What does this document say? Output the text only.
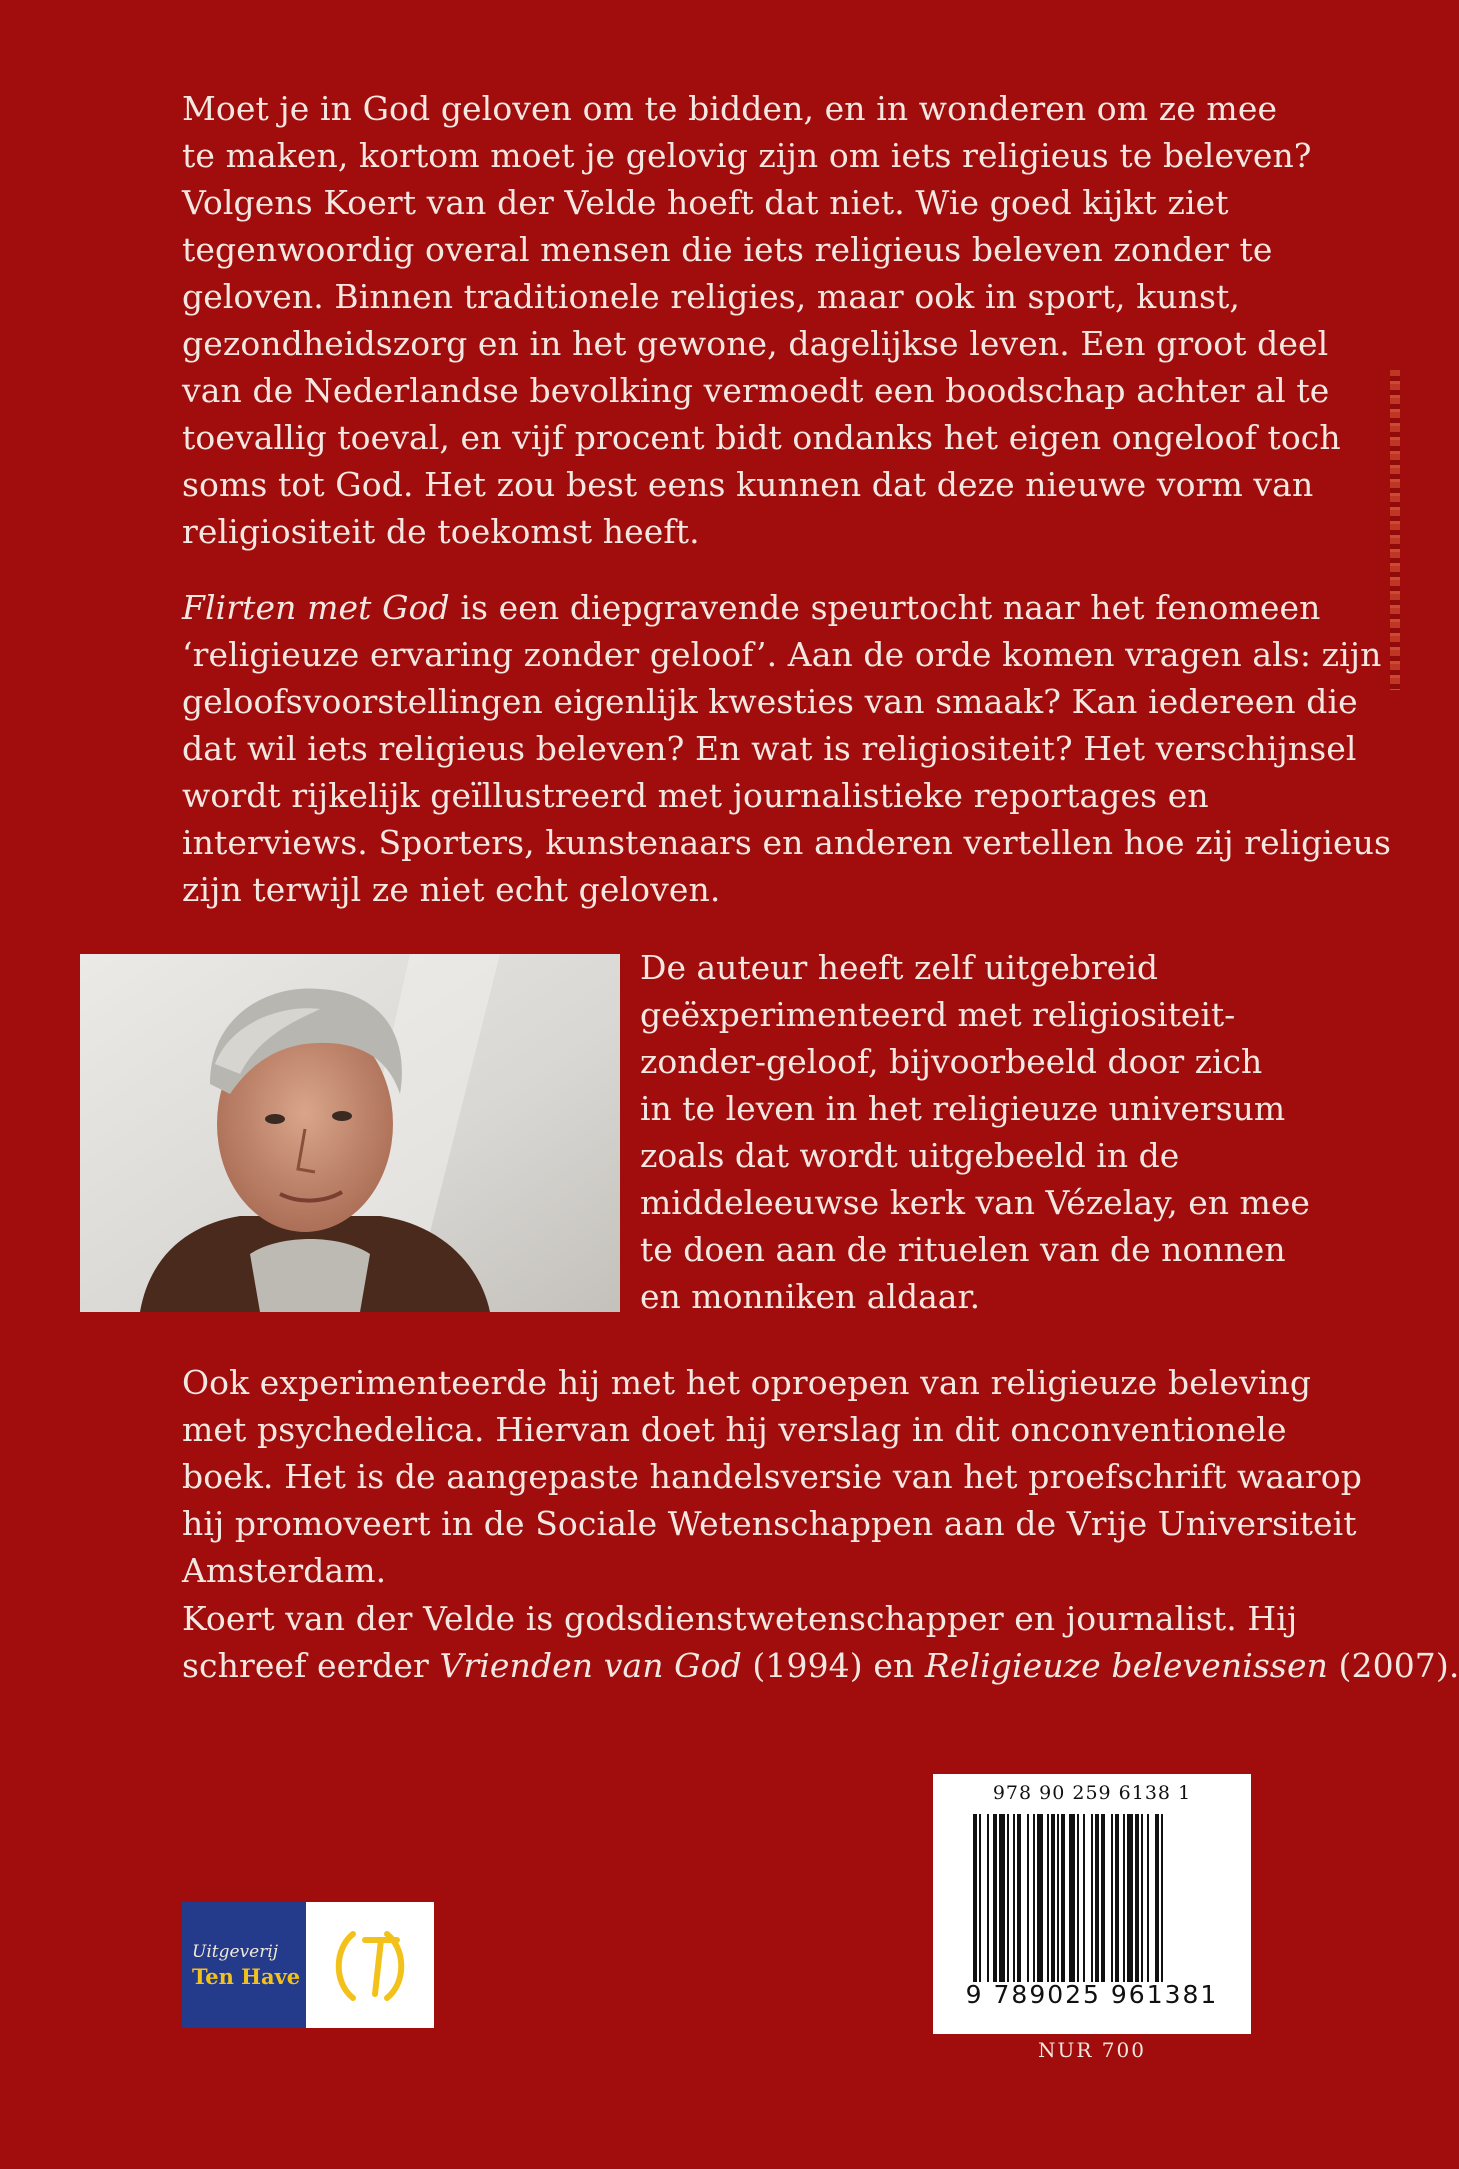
Moet je in God geloven om te bidden, en in wonderen om ze mee
te maken, kortom moet je gelovig zijn om iets religieus te beleven?
Volgens Koert van der Velde hoeft dat niet. Wie goed kijkt ziet
tegenwoordig overal mensen die iets religieus beleven zonder te
geloven. Binnen traditionele religies, maar ook in sport, kunst,
gezondheidszorg en in het gewone, dagelijkse leven. Een groot deel
van de Nederlandse bevolking vermoedt een boodschap achter al te
toevallig toeval, en vijf procent bidt ondanks het eigen ongeloof toch
soms tot God. Het zou best eens kunnen dat deze nieuwe vorm van
religiositeit de toekomst heeft.

Flirten met God is een diepgravende speurtocht naar het fenomeen
‘religieuze ervaring zonder geloof’. Aan de orde komen vragen als: zijn
geloofsvoorstellingen eigenlijk kwesties van smaak? Kan iedereen die
dat wil iets religieus beleven? En wat is religiositeit? Het verschijnsel
wordt rijkelijk geïllustreerd met journalistieke reportages en
interviews. Sporters, kunstenaars en anderen vertellen hoe zij religieus
zijn terwijl ze niet echt geloven.

De auteur heeft zelf uitgebreid
geëxperimenteerd met religiositeit-
zonder-geloof, bijvoorbeeld door zich
in te leven in het religieuze universum
zoals dat wordt uitgebeeld in de
middeleeuwse kerk van Vézelay, en mee
te doen aan de rituelen van de nonnen
en monniken aldaar.

Ook experimenteerde hij met het oproepen van religieuze beleving
met psychedelica. Hiervan doet hij verslag in dit onconventionele
boek. Het is de aangepaste handelsversie van het proefschrift waarop
hij promoveert in de Sociale Wetenschappen aan de Vrije Universiteit
Amsterdam.

Koert van der Velde is godsdienstwetenschapper en journalist. Hij
schreef eerder Vrienden van God (1994) en Religieuze belevenissen (2007).

Uitgeverij
Ten Have
978 90 259 6138 1
9 789025 961381
NUR 700
